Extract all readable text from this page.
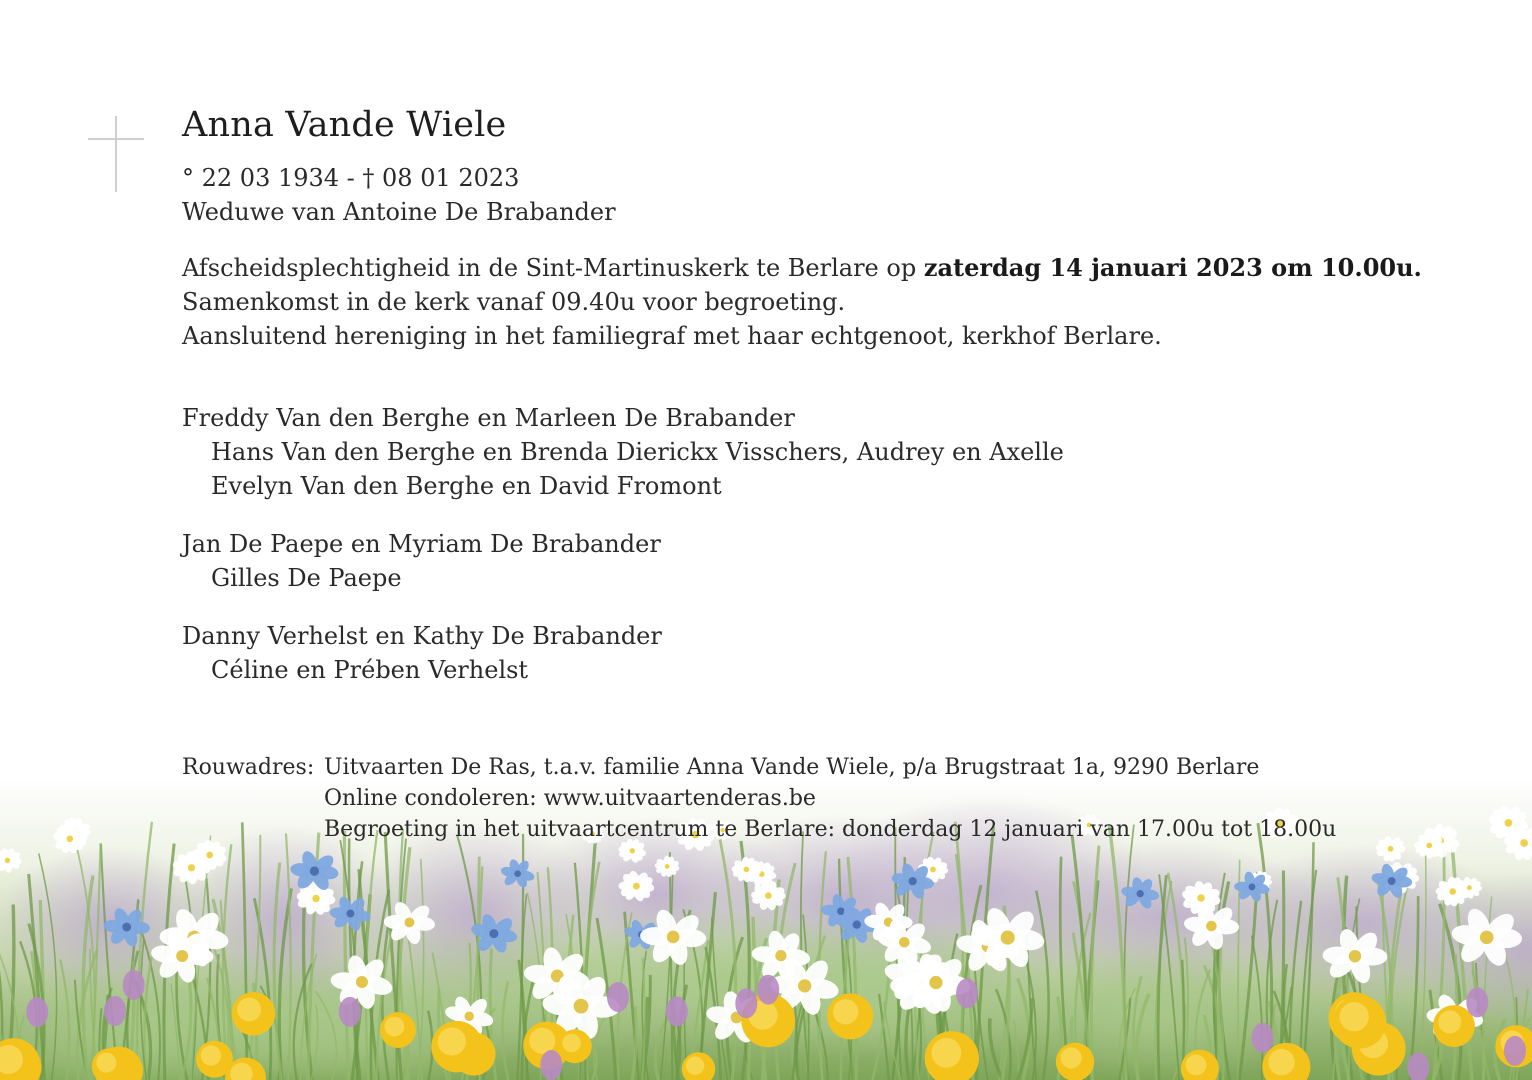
Anna Vande Wiele
° 22 03 1934 - † 08 01 2023
Weduwe van Antoine De Brabander
Afscheidsplechtigheid in de Sint-Martinuskerk te Berlare op zaterdag 14 januari 2023 om 10.00u.
Samenkomst in de kerk vanaf 09.40u voor begroeting.
Aansluitend hereniging in het familiegraf met haar echtgenoot, kerkhof Berlare.
Freddy Van den Berghe en Marleen De Brabander
Hans Van den Berghe en Brenda Dierickx Visschers, Audrey en Axelle
Evelyn Van den Berghe en David Fromont
Jan De Paepe en Myriam De Brabander
Gilles De Paepe
Danny Verhelst en Kathy De Brabander
Céline en Prében Verhelst
Rouwadres: Uitvaarten De Ras, t.a.v. familie Anna Vande Wiele, p/a Brugstraat 1a, 9290 Berlare
Online condoleren: www.uitvaartenderas.be
Begroeting in het uitvaartcentrum te Berlare: donderdag 12 januari van 17.00u tot 18.00u
